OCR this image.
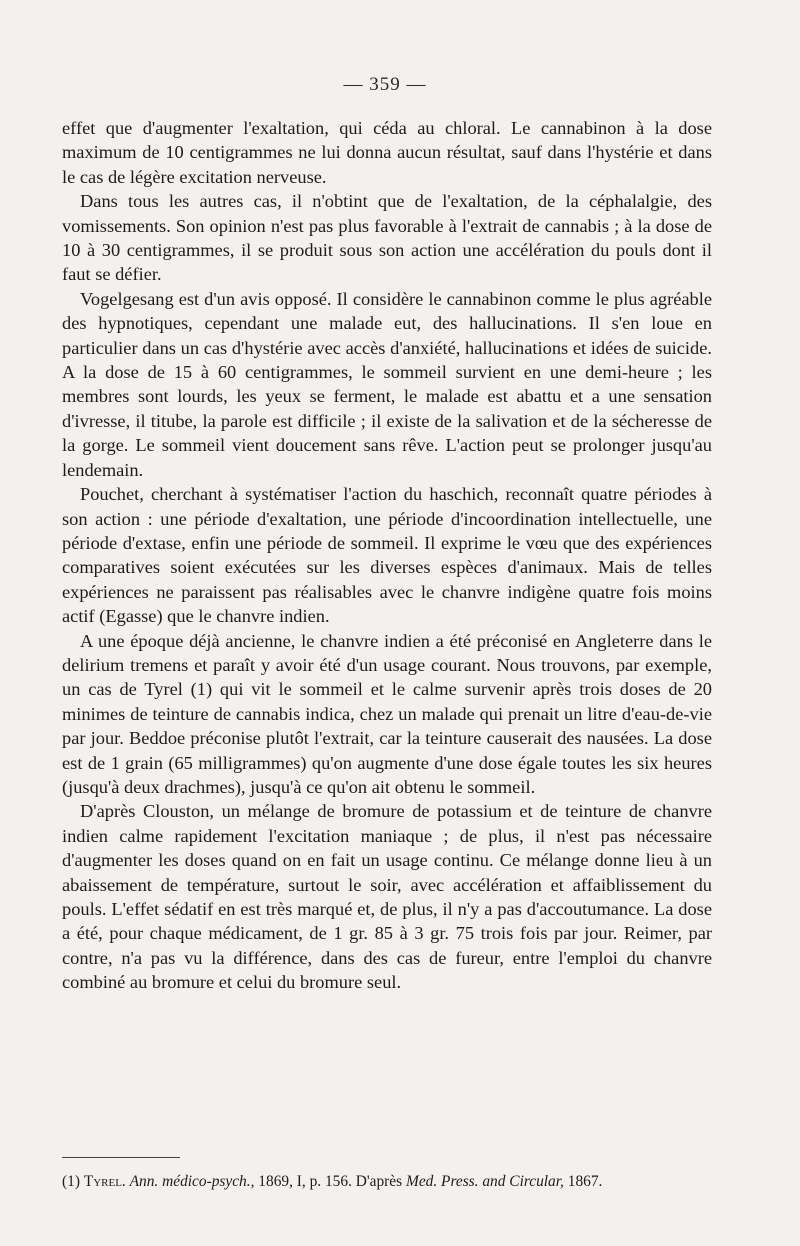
— 359 —

effet que d'augmenter l'exaltation, qui céda au chloral. Le cannabinon à la dose maximum de 10 centigrammes ne lui donna aucun résultat, sauf dans l'hystérie et dans le cas de légère excitation nerveuse.

Dans tous les autres cas, il n'obtint que de l'exaltation, de la céphalalgie, des vomissements. Son opinion n'est pas plus favorable à l'extrait de cannabis ; à la dose de 10 à 30 centigrammes, il se produit sous son action une accélération du pouls dont il faut se défier.

Vogelgesang est d'un avis opposé. Il considère le cannabinon comme le plus agréable des hypnotiques, cependant une malade eut, des hallucinations. Il s'en loue en particulier dans un cas d'hystérie avec accès d'anxiété, hallucinations et idées de suicide. A la dose de 15 à 60 centigrammes, le sommeil survient en une demi-heure ; les membres sont lourds, les yeux se ferment, le malade est abattu et a une sensation d'ivresse, il titube, la parole est difficile ; il existe de la salivation et de la sécheresse de la gorge. Le sommeil vient doucement sans rêve. L'action peut se prolonger jusqu'au lendemain.

Pouchet, cherchant à systématiser l'action du haschich, reconnaît quatre périodes à son action : une période d'exaltation, une période d'incoordination intellectuelle, une période d'extase, enfin une période de sommeil. Il exprime le vœu que des expériences comparatives soient exécutées sur les diverses espèces d'animaux. Mais de telles expériences ne paraissent pas réalisables avec le chanvre indigène quatre fois moins actif (Egasse) que le chanvre indien.

A une époque déjà ancienne, le chanvre indien a été préconisé en Angleterre dans le delirium tremens et paraît y avoir été d'un usage courant. Nous trouvons, par exemple, un cas de Tyrel (1) qui vit le sommeil et le calme survenir après trois doses de 20 minimes de teinture de cannabis indica, chez un malade qui prenait un litre d'eau-de-vie par jour. Beddoe préconise plutôt l'extrait, car la teinture causerait des nausées. La dose est de 1 grain (65 milligrammes) qu'on augmente d'une dose égale toutes les six heures (jusqu'à deux drachmes), jusqu'à ce qu'on ait obtenu le sommeil.

D'après Clouston, un mélange de bromure de potassium et de teinture de chanvre indien calme rapidement l'excitation maniaque ; de plus, il n'est pas nécessaire d'augmenter les doses quand on en fait un usage continu. Ce mélange donne lieu à un abaissement de température, surtout le soir, avec accélération et affaiblissement du pouls. L'effet sédatif en est très marqué et, de plus, il n'y a pas d'accoutumance. La dose a été, pour chaque médicament, de 1 gr. 85 à 3 gr. 75 trois fois par jour. Reimer, par contre, n'a pas vu la différence, dans des cas de fureur, entre l'emploi du chanvre combiné au bromure et celui du bromure seul.

(1) Tyrel. Ann. médico-psych., 1869, I, p. 156. D'après Med. Press. and Circular, 1867.
